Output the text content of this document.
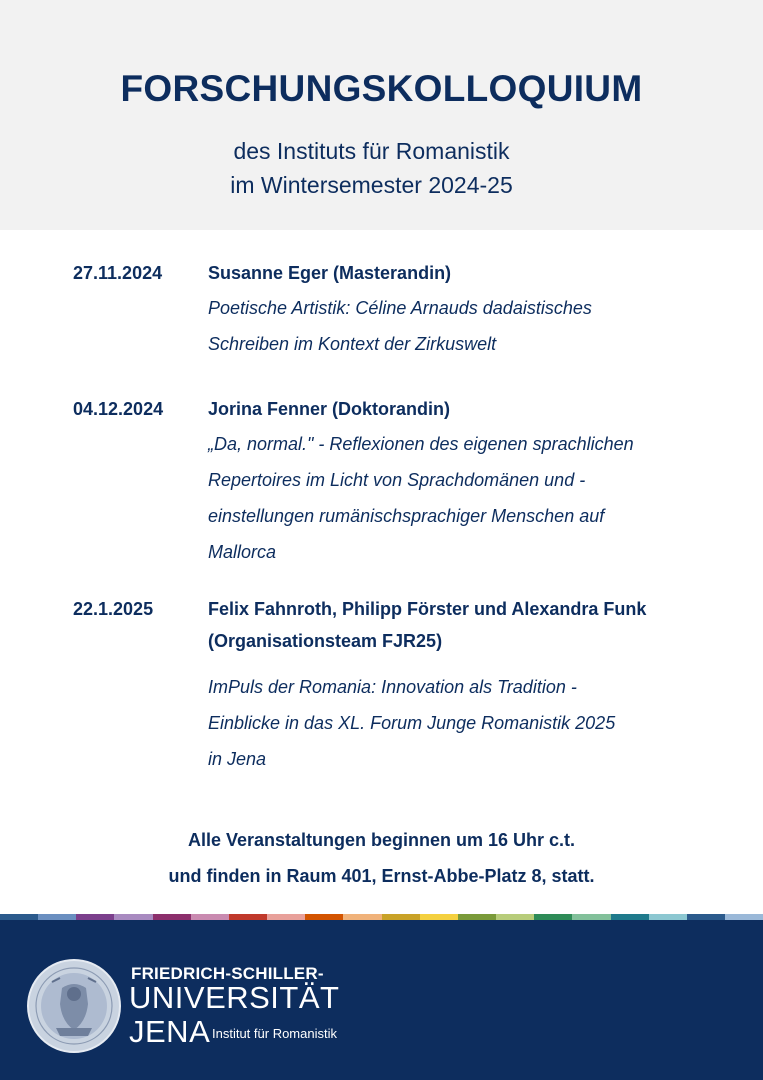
FORSCHUNGSKOLLOQUIUM
des Instituts für Romanistik
im Wintersemester 2024-25
27.11.2024	Susanne Eger (Masterandin)
Poetische Artistik: Céline Arnauds dadaistisches
Schreiben im Kontext der Zirkuswelt
04.12.2024 Jorina Fenner (Doktorandin)
„Da, normal." - Reflexionen des eigenen sprachlichen
Repertoires im Licht von Sprachdomänen und -
einstellungen rumänischsprachiger Menschen auf
Mallorca
22.1.2025	Felix Fahnroth, Philipp Förster und Alexandra Funk
(Organisationsteam FJR25)
ImPuls der Romania: Innovation als Tradition -
Einblicke in das XL. Forum Junge Romanistik 2025
in Jena
Alle Veranstaltungen beginnen um 16 Uhr c.t.
und finden in Raum 401, Ernst-Abbe-Platz 8, statt.
FRIEDRICH-SCHILLER-
UNIVERSITÄT
JENA Institut für Romanistik
